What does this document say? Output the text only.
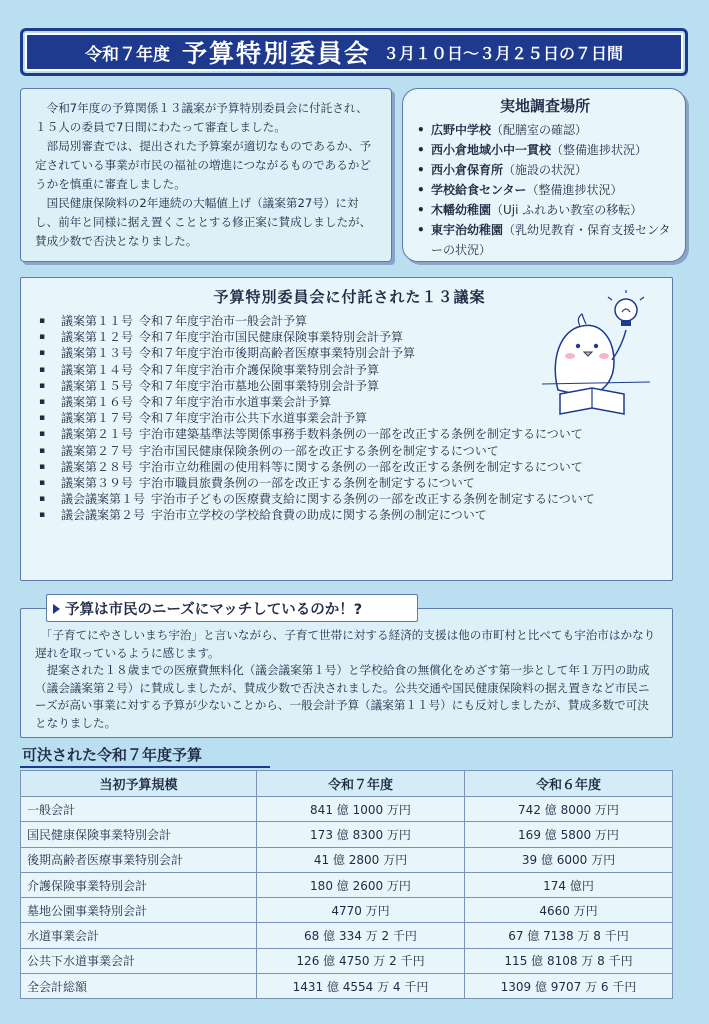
令和７年度 予算特別委員会 ３月１０日～３月２５日の７日間

令和7年度の予算関係１３議案が予算特別委員会に付託され、１５人の委員で7日間にわたって審査しました。

部局別審査では、提出された予算案が適切なものであるか、予定されている事業が市民の福祉の増進につながるものであるかどうかを慎重に審査しました。

国民健康保険料の2年連続の大幅値上げ（議案第27号）に対し、前年と同様に据え置くこととする修正案に賛成しましたが、賛成少数で否決となりました。

実地調査場所
• 広野中学校（配膳室の確認）
• 西小倉地域小中一貫校（整備進捗状況）
• 西小倉保育所（施設の状況）
• 学校給食センター（整備進捗状況）
• 木幡幼稚園（Uji ふれあい教室の移転）
• 東宇治幼稚園（乳幼児教育・保育支援センターの状況）
予算特別委員会に付託された１３議案
▪ 議案第１１号 令和７年度宇治市一般会計予算
▪ 議案第１２号 令和７年度宇治市国民健康保険事業特別会計予算
▪ 議案第１３号 令和７年度宇治市後期高齢者医療事業特別会計予算
▪ 議案第１４号 令和７年度宇治市介護保険事業特別会計予算
▪ 議案第１５号 令和７年度宇治市墓地公園事業特別会計予算
▪ 議案第１６号 令和７年度宇治市水道事業会計予算
▪ 議案第１７号 令和７年度宇治市公共下水道事業会計予算
▪ 議案第２１号 宇治市建築基準法等関係事務手数料条例の一部を改正する条例を制定するについて
▪ 議案第２７号 宇治市国民健康保険条例の一部を改正する条例を制定するについて
▪ 議案第２８号 宇治市立幼稚園の使用料等に関する条例の一部を改正する条例を制定するについて
▪ 議案第３９号 宇治市職員旅費条例の一部を改正する条例を制定するについて
▪ 議会議案第１号 宇治市子どもの医療費支給に関する条例の一部を改正する条例を制定するについて
▪ 議会議案第２号 宇治市立学校の学校給食費の助成に関する条例の制定について
予算は市民のニーズにマッチしているのか！?

「子育てにやさしいまち宇治」と言いながら、子育て世帯に対する経済的支援は他の市町村と比べても宇治市はかなり遅れを取っているように感じます。

提案された１８歳までの医療費無料化（議会議案第１号）と学校給食の無償化をめざす第一歩として年１万円の助成（議会議案第２号）に賛成しましたが、賛成少数で否決されました。公共交通や国民健康保険料の据え置きなど市民ニーズが高い事業に対する予算が少ないことから、一般会計予算（議案第１１号）にも反対しましたが、賛成多数で可決となりました。

可決された令和７年度予算
当初予算規模	令和７年度	令和６年度
一般会計	841 億 1000 万円	742 億 8000 万円
国民健康保険事業特別会計	173 億 8300 万円	169 億 5800 万円
後期高齢者医療事業特別会計	41 億 2800 万円	39 億 6000 万円
介護保険事業特別会計	180 億 2600 万円	174 億円
墓地公園事業特別会計	4770 万円	4660 万円
水道事業会計	68 億 334 万 2 千円	67 億 7138 万 8 千円
公共下水道事業会計	126 億 4750 万 2 千円	115 億 8108 万 8 千円
全会計総額	1431 億 4554 万 4 千円	1309 億 9707 万 6 千円
